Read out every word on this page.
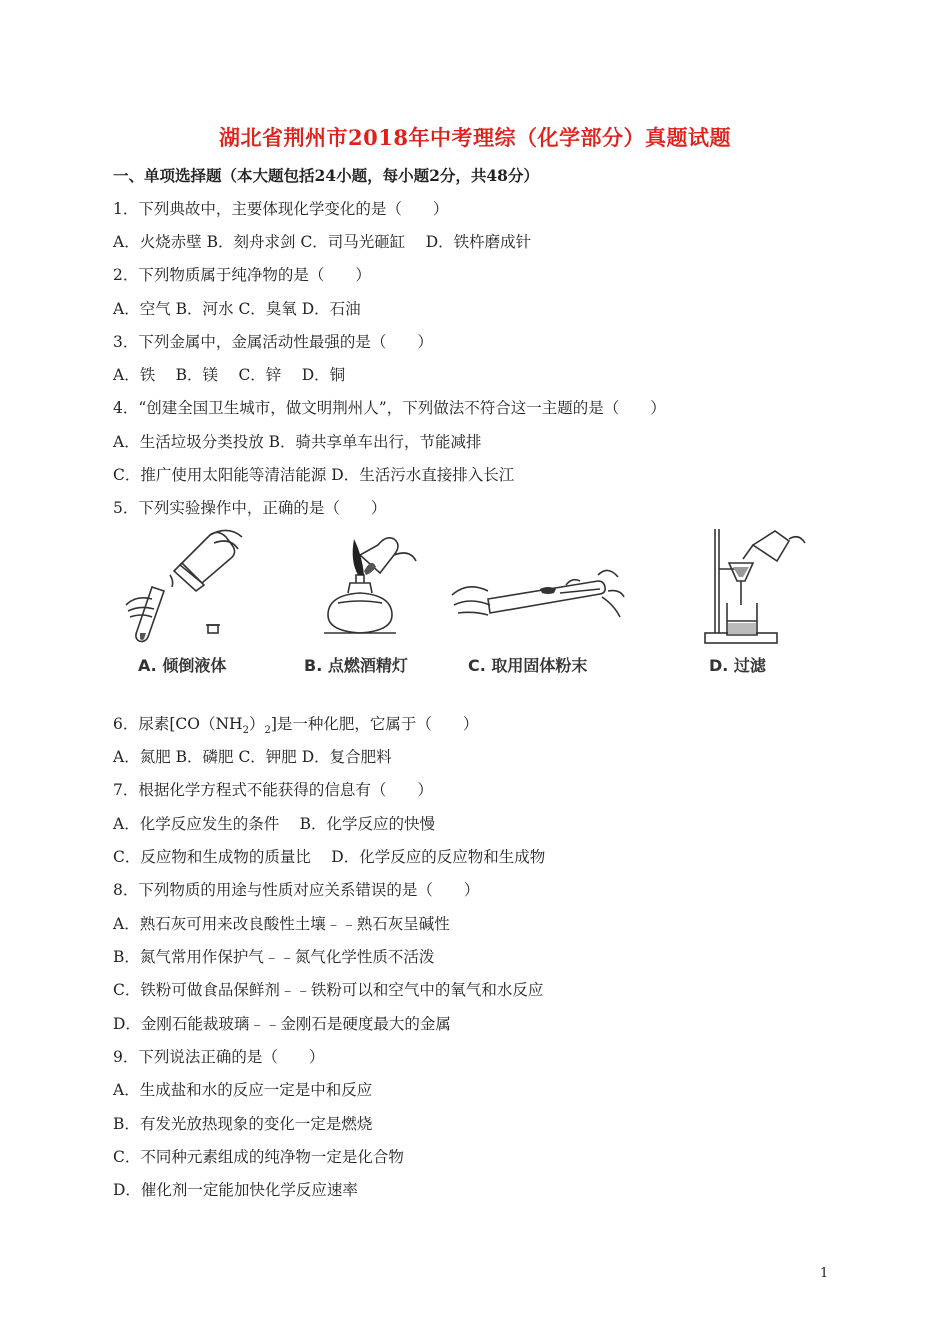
湖北省荆州市2018年中考理综（化学部分）真题试题
一、单项选择题（本大题包括24小题，每小题2分，共48分）
1．下列典故中，主要体现化学变化的是（　　）
A．火烧赤壁 B．刻舟求剑 C．司马光砸缸　 D．铁杵磨成针
2．下列物质属于纯净物的是（　　）
A．空气 B．河水 C．臭氧 D．石油
3．下列金属中，金属活动性最强的是（　　）
A．铁　 B．镁　 C．锌　 D．铜
4．“创建全国卫生城市，做文明荆州人”，下列做法不符合这一主题的是（　　）
A．生活垃圾分类投放 B．骑共享单车出行，节能减排
C．推广使用太阳能等清洁能源 D．生活污水直接排入长江
5．下列实验操作中，正确的是（　　）
A. 倾倒液体	B. 点燃酒精灯	C. 取用固体粉末	D. 过滤
6．尿素$[CO(NH_2)_2]$是一种化肥，它属于（　　）
A．氮肥 B．磷肥 C．钾肥 D．复合肥料
7．根据化学方程式不能获得的信息有（　　）
A．化学反应发生的条件　 B．化学反应的快慢
C．反应物和生成物的质量比　 D．化学反应的反应物和生成物
8．下列物质的用途与性质对应关系错误的是（　　）
A．熟石灰可用来改良酸性土壤﹣﹣熟石灰呈碱性
B．氮气常用作保护气﹣﹣氮气化学性质不活泼
C．铁粉可做食品保鲜剂﹣﹣铁粉可以和空气中的氧气和水反应
D．金刚石能裁玻璃﹣﹣金刚石是硬度最大的金属
9．下列说法正确的是（　　）
A．生成盐和水的反应一定是中和反应
B．有发光放热现象的变化一定是燃烧
C．不同种元素组成的纯净物一定是化合物
D．催化剂一定能加快化学反应速率
1
